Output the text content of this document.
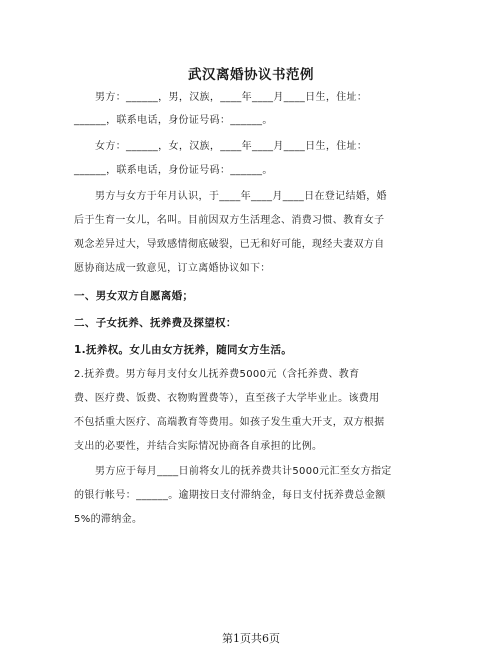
武汉离婚协议书范例
男方：______，男，汉族，____年____月____日生，住址：
______，联系电话，身份证号码：______。
女方：______，女，汉族，____年____月____日生，住址：
______，联系电话，身份证号码：______。
男方与女方于年月认识，于____年____月____日在登记结婚，婚
后于生育一女儿，名叫。目前因双方生活理念、消费习惯、教育女子
观念差异过大，导致感情彻底破裂，已无和好可能，现经夫妻双方自
愿协商达成一致意见，订立离婚协议如下：
一、男女双方自愿离婚；
二、子女抚养、抚养费及探望权：
1.抚养权。女儿由女方抚养，随同女方生活。
2.抚养费。男方每月支付女儿抚养费5000元（含托养费、教育
费、医疗费、饭费、衣物购置费等），直至孩子大学毕业止。该费用
不包括重大医疗、高端教育等费用。如孩子发生重大开支，双方根据
支出的必要性，并结合实际情况协商各自承担的比例。
男方应于每月____日前将女儿的抚养费共计5000元汇至女方指定
的银行帐号：______。逾期按日支付滞纳金，每日支付抚养费总金额
5%的滞纳金。
第1页共6页
